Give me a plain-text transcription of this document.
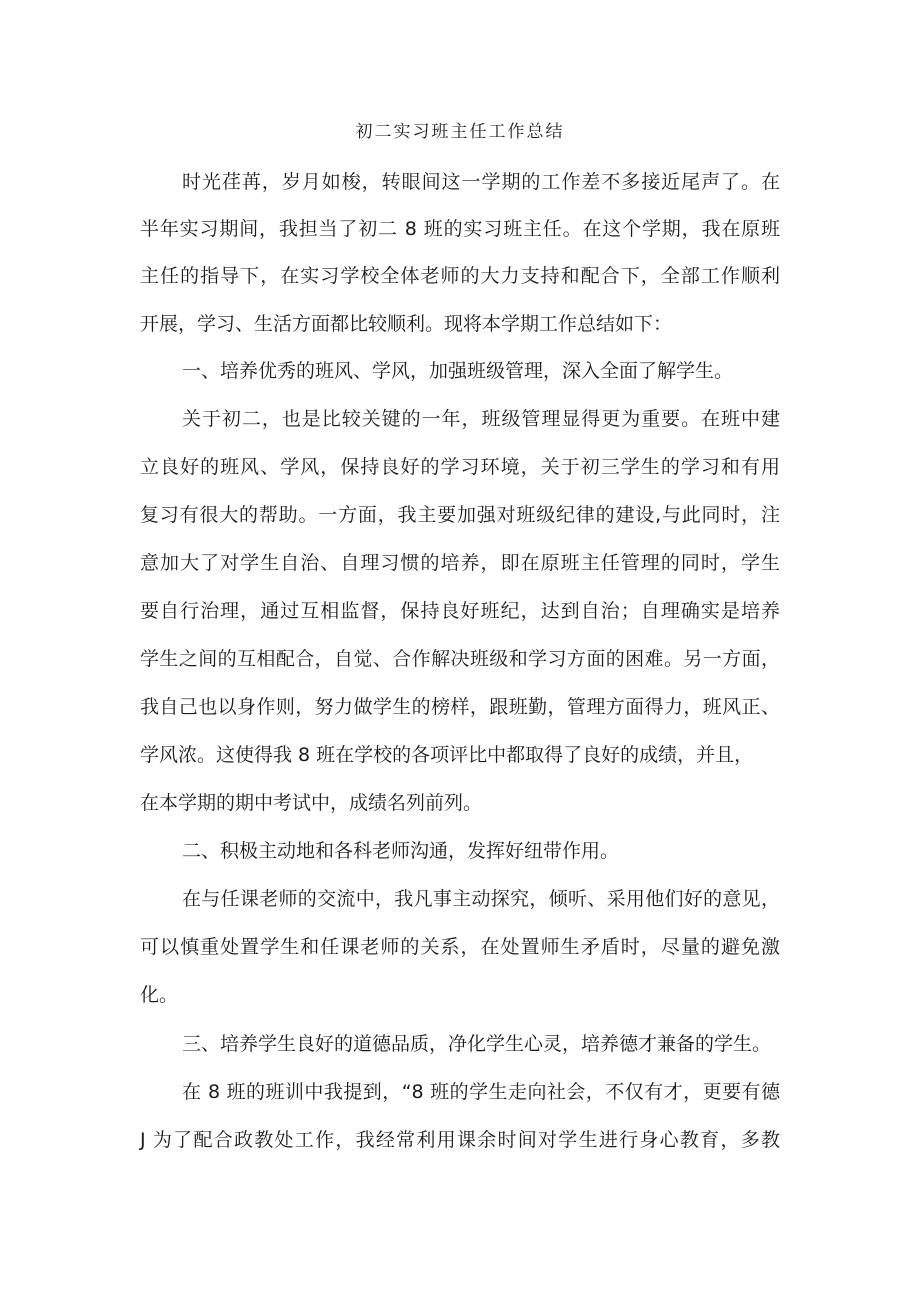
初二实习班主任工作总结
时光荏苒，岁月如梭，转眼间这一学期的工作差不多接近尾声了。在
半年实习期间，我担当了初二 8 班的实习班主任。在这个学期，我在原班
主任的指导下，在实习学校全体老师的大力支持和配合下，全部工作顺利
开展，学习、生活方面都比较顺利。现将本学期工作总结如下：
一、培养优秀的班风、学风，加强班级管理，深入全面了解学生。
关于初二，也是比较关键的一年，班级管理显得更为重要。在班中建
立良好的班风、学风，保持良好的学习环境，关于初三学生的学习和有用
复习有很大的帮助。一方面，我主要加强对班级纪律的建设,与此同时，注
意加大了对学生自治、自理习惯的培养，即在原班主任管理的同时，学生
要自行治理，通过互相监督，保持良好班纪，达到自治；自理确实是培养
学生之间的互相配合，自觉、合作解决班级和学习方面的困难。另一方面，
我自己也以身作则，努力做学生的榜样，跟班勤，管理方面得力，班风正、
学风浓。这使得我 8 班在学校的各项评比中都取得了良好的成绩，并且，
在本学期的期中考试中，成绩名列前列。
二、积极主动地和各科老师沟通，发挥好纽带作用。
在与任课老师的交流中，我凡事主动探究，倾听、采用他们好的意见，
可以慎重处置学生和任课老师的关系，在处置师生矛盾时，尽量的避免激
化。
三、培养学生良好的道德品质，净化学生心灵，培养德才兼备的学生。
在 8 班的班训中我提到，“8 班的学生走向社会，不仅有才，更要有德
J 为了配合政教处工作，我经常利用课余时间对学生进行身心教育，多教
